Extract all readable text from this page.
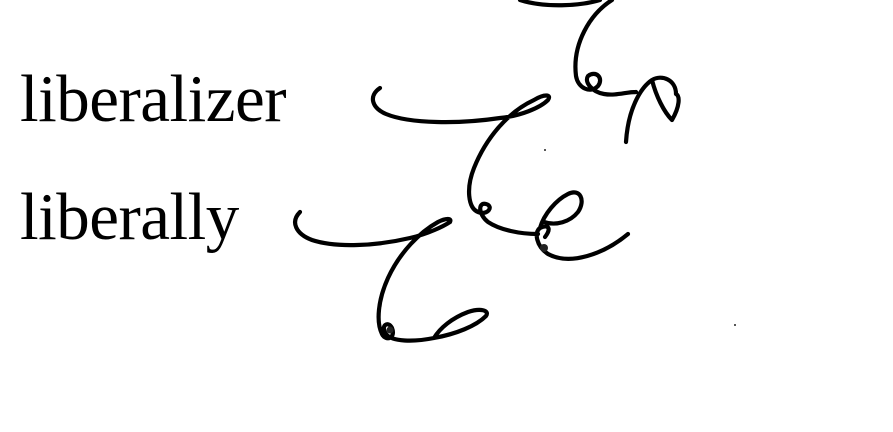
liberalizer
liberally
